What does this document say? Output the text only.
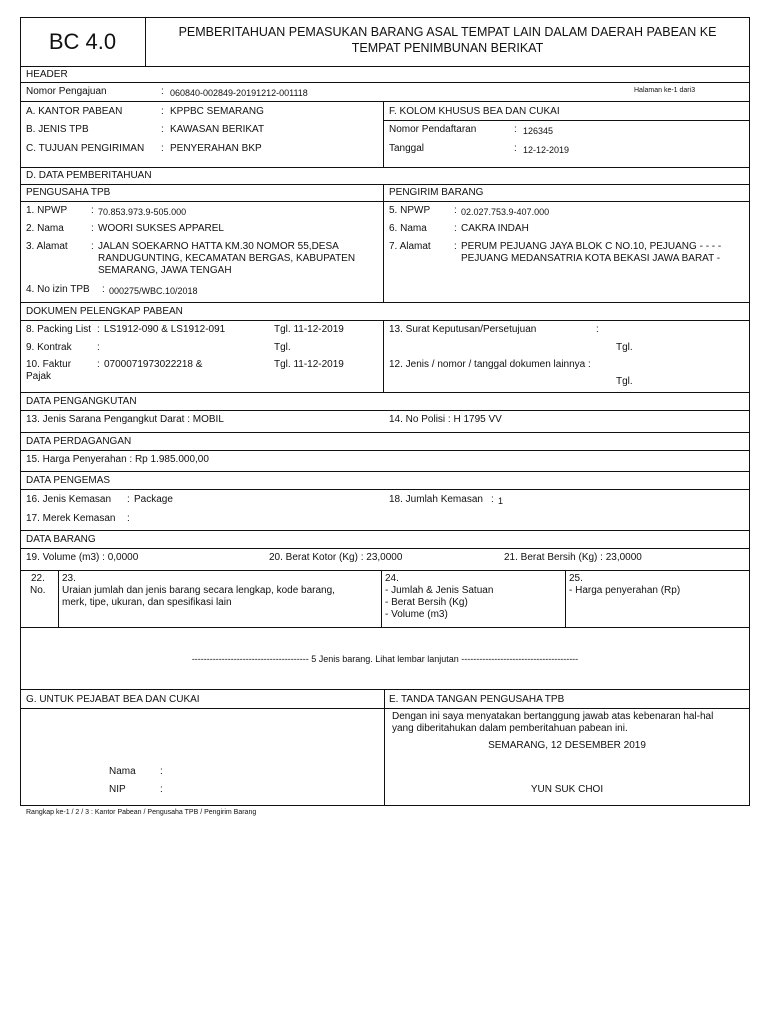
BC 4.0	PEMBERITAHUAN PEMASUKAN BARANG ASAL TEMPAT LAIN DALAM DAERAH PABEAN KE
TEMPAT PENIMBUNAN BERIKAT
HEADER
Nomor Pengajuan	: 060840-002849-20191212-001118	Halaman ke-1 dari3
A. KANTOR PABEAN	: KPPBC SEMARANG
B. JENIS TPB	: KAWASAN BERIKAT
C. TUJUAN PENGIRIMAN : PENYERAHAN BKP
F. KOLOM KHUSUS BEA DAN CUKAI
Nomor Pendaftaran	: 126345
Tanggal	: 12-12-2019
D. DATA PEMBERITAHUAN
PENGUSAHA TPB	PENGIRIM BARANG
1. NPWP : 70.853.973.9-505.000
2. Nama	: WOORI SUKSES APPAREL
3. Alamat : JALAN SOEKARNO HATTA KM.30 NOMOR 55,DESA
RANDUGUNTING, KECAMATAN BERGAS, KABUPATEN
SEMARANG, JAWA TENGAH
4. No izin TPB : 000275/WBC.10/2018
5. NPWP : 02.027.753.9-407.000
6. Nama	: CAKRA INDAH
7. Alamat : PERUM PEJUANG JAYA BLOK C NO.10, PEJUANG - - - -
PEJUANG MEDANSATRIA KOTA BEKASI JAWA BARAT -
DOKUMEN PELENGKAP PABEAN
8. Packing List : LS1912-090 & LS1912-091	Tgl. 11-12-2019
9. Kontrak	:	Tgl.
10. Faktur
Pajak
: 0700071973022218 &	Tgl. 11-12-2019
13. Surat Keputusan/Persetujuan	:
Tgl.
12. Jenis / nomor / tanggal dokumen lainnya :
Tgl.
DATA PENGANGKUTAN
13. Jenis Sarana Pengangkut Darat : MOBIL	14. No Polisi : H 1795 VV
DATA PERDAGANGAN
15. Harga Penyerahan : Rp 1.985.000,00
DATA PENGEMAS
16. Jenis Kemasan : Package	18. Jumlah Kemasan : 1
17. Merek Kemasan :
DATA BARANG
19. Volume (m3) : 0,0000	20. Berat Kotor (Kg) : 23,0000	21. Berat Bersih (Kg) : 23,0000
22.
No.
23.
Uraian jumlah dan jenis barang secara lengkap, kode barang,
merk, tipe, ukuran, dan spesifikasi lain
24.
- Jumlah & Jenis Satuan
- Berat Bersih (Kg)
- Volume (m3)
25.
- Harga penyerahan (Rp)
--------------------------------------- 5 Jenis barang. Lihat lembar lanjutan ---------------------------------------
G. UNTUK PEJABAT BEA DAN CUKAI	E. TANDA TANGAN PENGUSAHA TPB
Nama :
NIP	:
Dengan ini saya menyatakan bertanggung jawab atas kebenaran hal-hal
yang diberitahukan dalam pemberitahuan pabean ini.
SEMARANG, 12 DESEMBER 2019
YUN SUK CHOI
Rangkap ke-1 / 2 / 3 : Kantor Pabean / Pengusaha TPB / Pengirim Barang
